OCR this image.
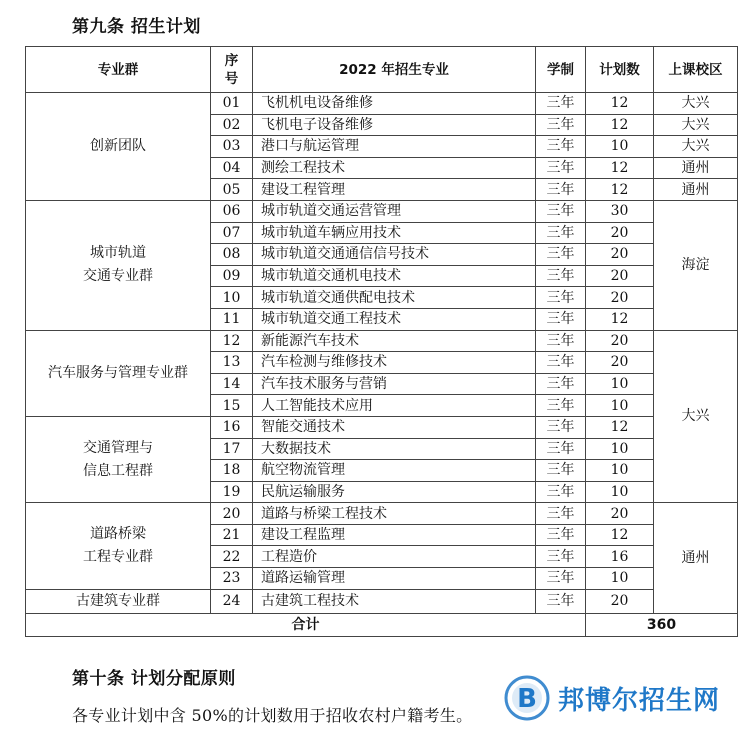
第九条 招生计划
专业群	序
号	2022 年招生专业	学制	计划数	上课校区
创新团队	01	飞机机电设备维修	三年	12	大兴
	02	飞机电子设备维修	三年	12	大兴
	03	港口与航运管理	三年	10	大兴
	04	测绘工程技术	三年	12	通州
	05	建设工程管理	三年	12	通州
城市轨道
交通专业群	06	城市轨道交通运营管理	三年	30	海淀
	07	城市轨道车辆应用技术	三年	20	
	08	城市轨道交通通信信号技术	三年	20	
	09	城市轨道交通机电技术	三年	20	
	10	城市轨道交通供配电技术	三年	20	
	11	城市轨道交通工程技术	三年	12	
汽车服务与管理专业群	12	新能源汽车技术	三年	20	大兴
	13	汽车检测与维修技术	三年	20	
	14	汽车技术服务与营销	三年	10	
	15	人工智能技术应用	三年	10	
交通管理与
信息工程群	16	智能交通技术	三年	12	
	17	大数据技术	三年	10	
	18	航空物流管理	三年	10	
	19	民航运输服务	三年	10	
道路桥梁
工程专业群	20	道路与桥梁工程技术	三年	20	通州
	21	建设工程监理	三年	12	
	22	工程造价	三年	16	
	23	道路运输管理	三年	10	
古建筑专业群	24	古建筑工程技术	三年	20	
合计				360	
第十条 计划分配原则
各专业计划中含 50%的计划数用于招收农村户籍考生。
B 邦博尔招生网
